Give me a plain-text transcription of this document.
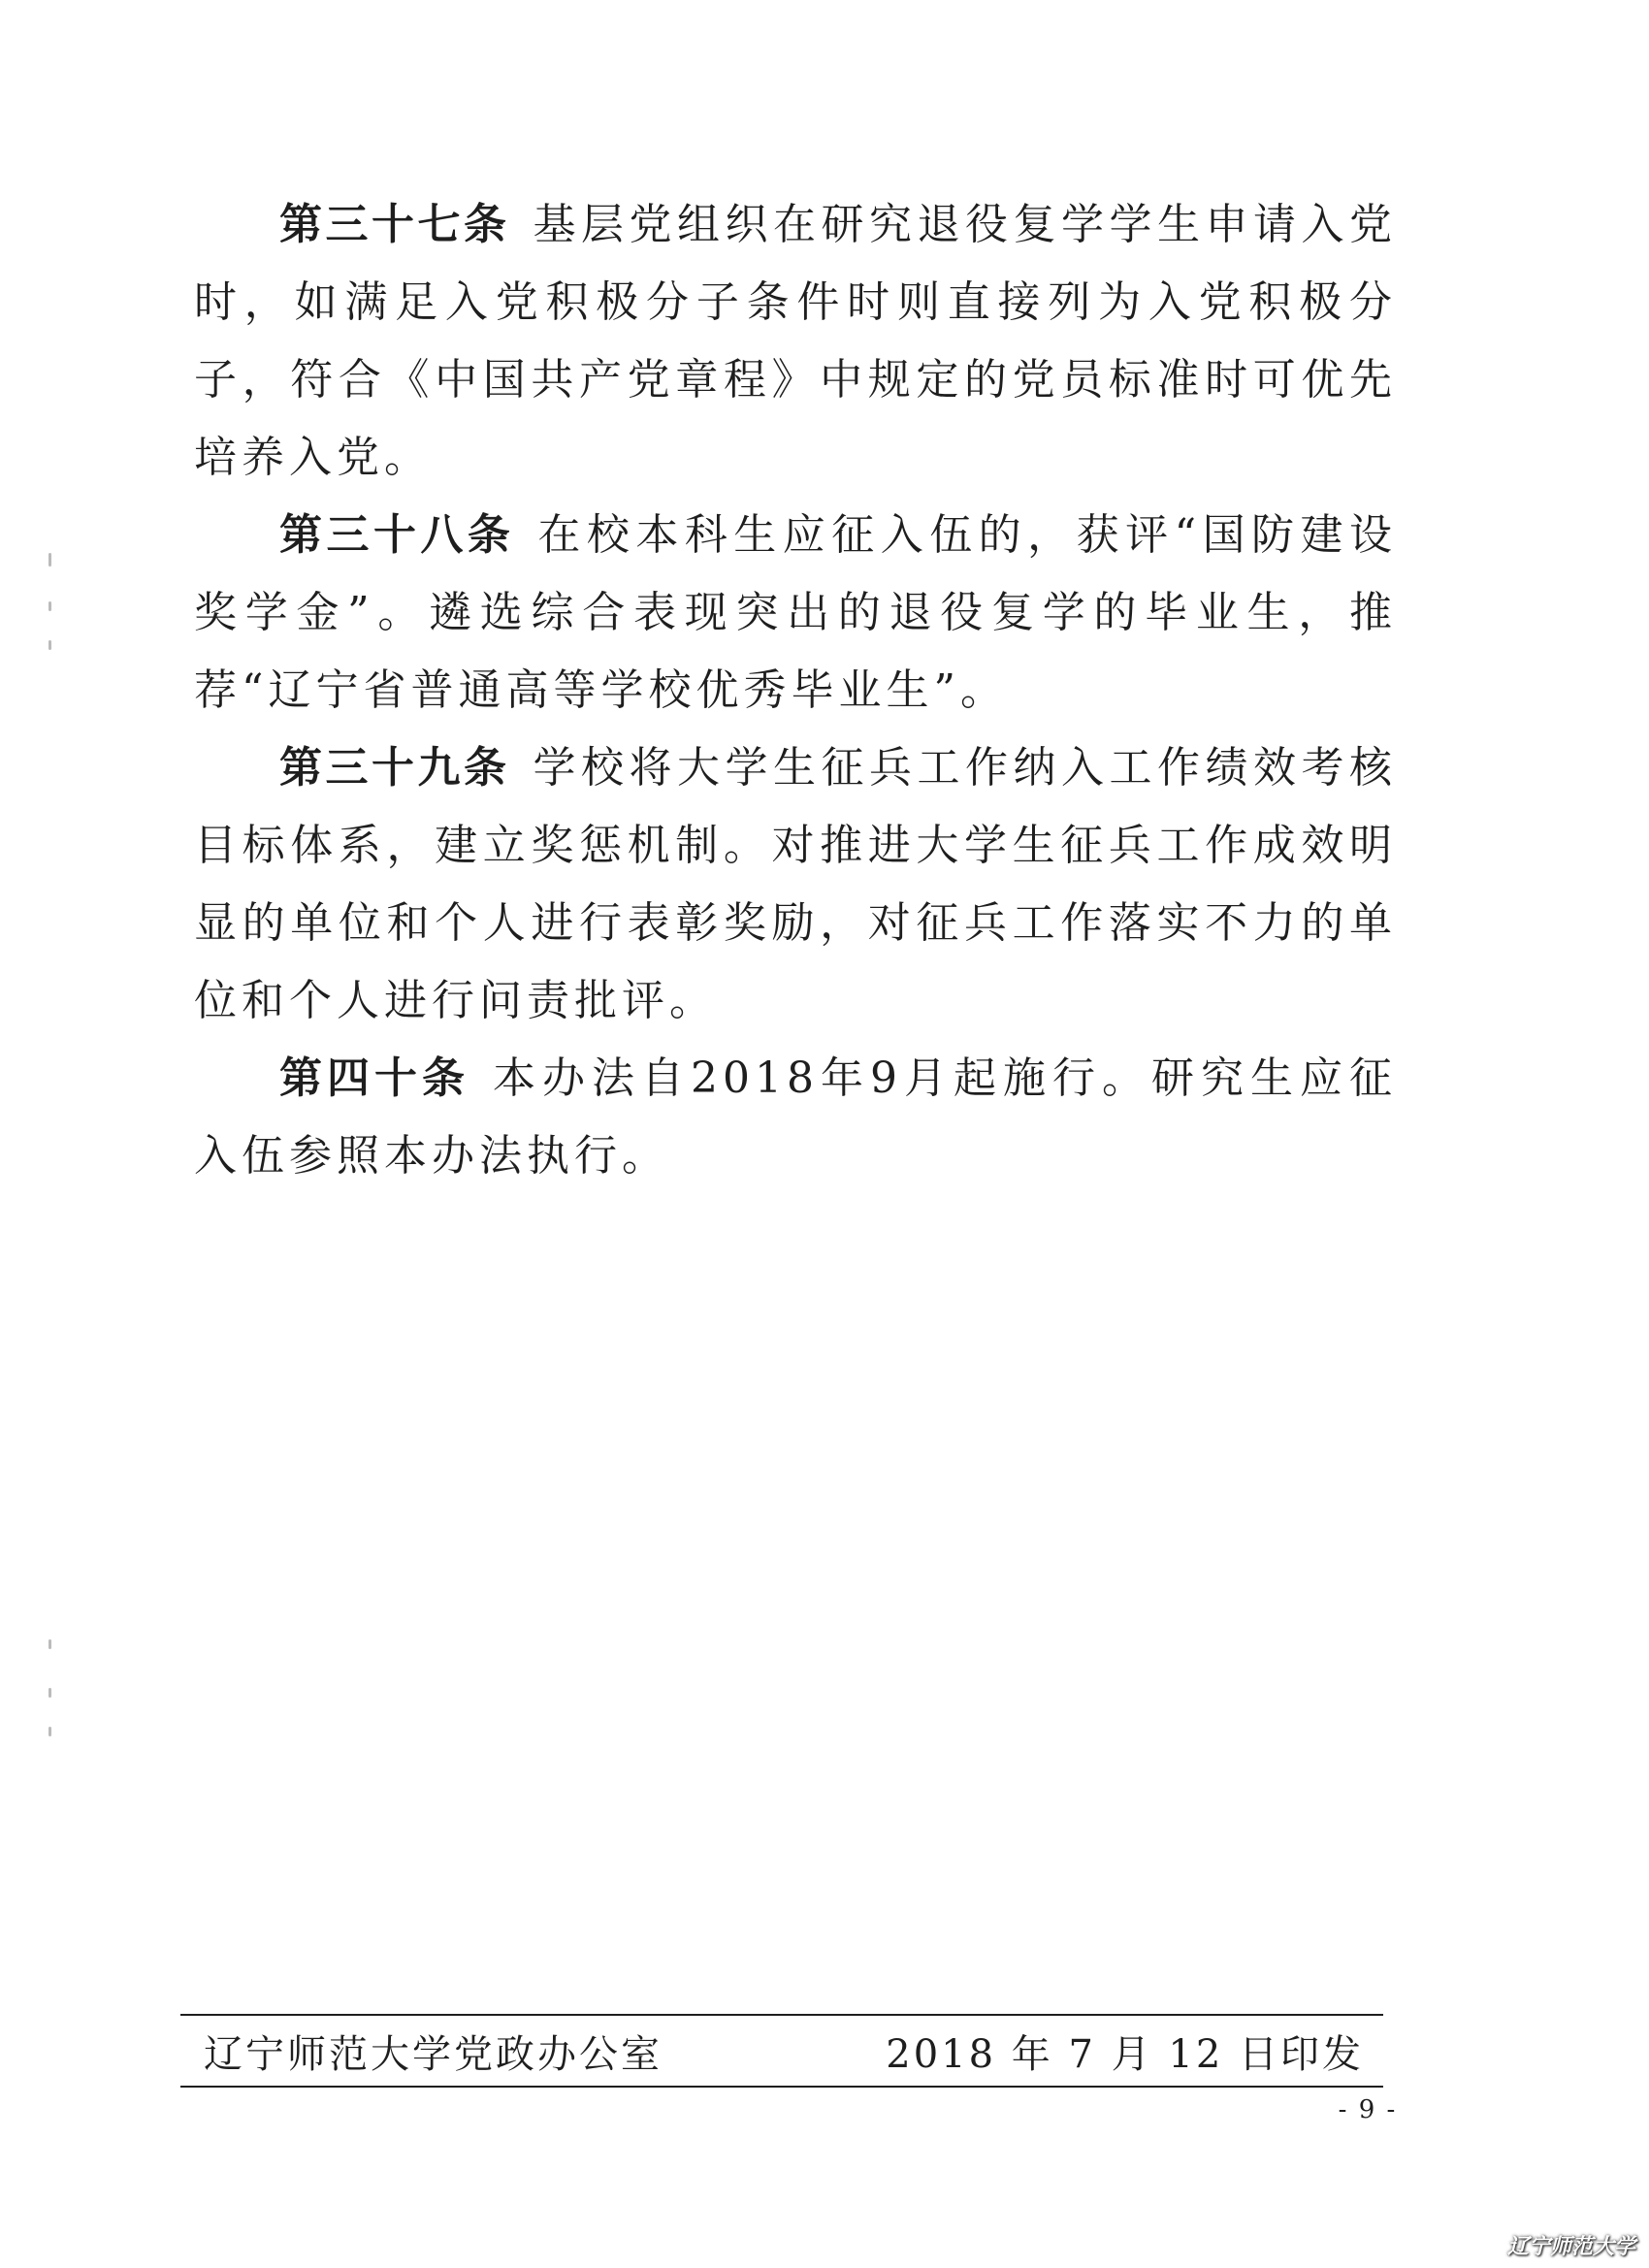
第三十七条 基层党组织在研究退役复学学生申请入党时，如满足入党积极分子条件时则直接列为入党积极分子，符合《中国共产党章程》中规定的党员标准时可优先培养入党。

第三十八条 在校本科生应征入伍的，获评“国防建设奖学金”。遴选综合表现突出的退役复学的毕业生，推荐“辽宁省普通高等学校优秀毕业生”。

第三十九条 学校将大学生征兵工作纳入工作绩效考核目标体系，建立奖惩机制。对推进大学生征兵工作成效明显的单位和个人进行表彰奖励，对征兵工作落实不力的单位和个人进行问责批评。

第四十条 本办法自2018年9月起施行。研究生应征入伍参照本办法执行。

辽宁师范大学党政办公室	2018 年 7 月 12 日印发
- 9 -
辽宁师范大学
